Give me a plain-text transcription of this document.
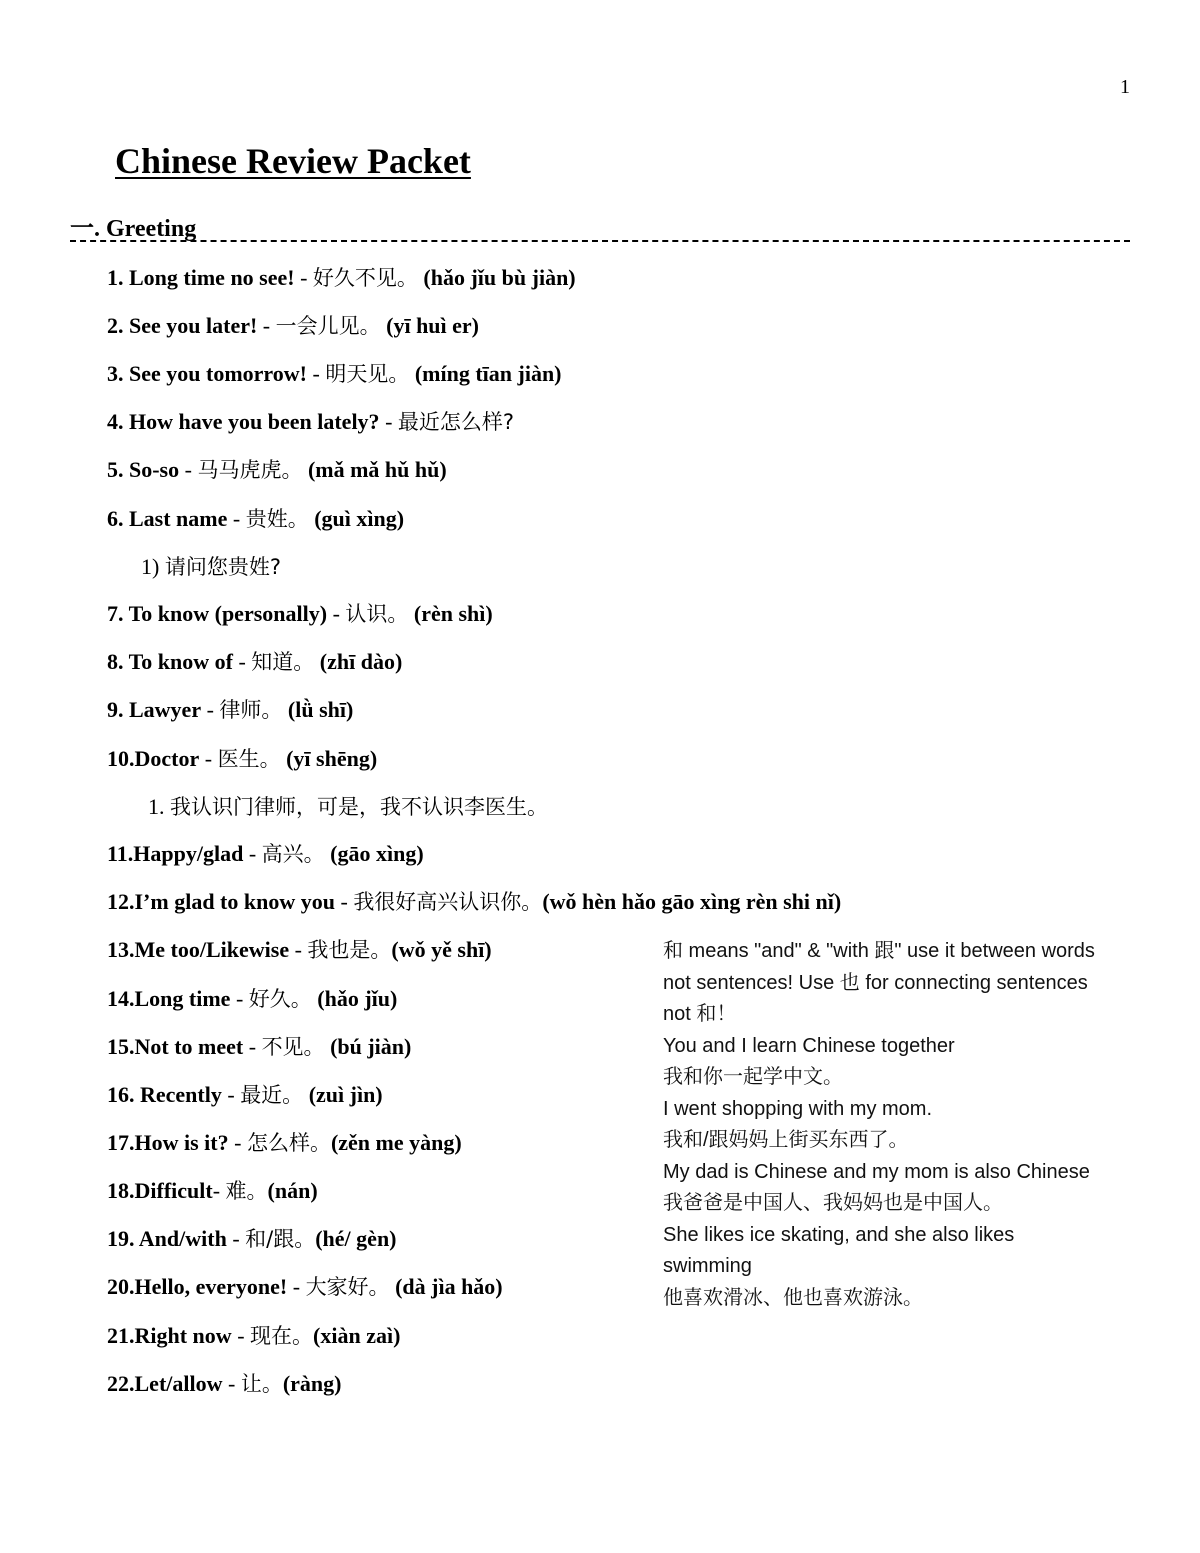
1
Chinese Review Packet
一. Greeting
1. Long time no see! - 好久不见。 (hǎo jǐu bù jiàn)
2. See you later! - 一会儿见。 (yī huì er)
3. See you tomorrow! - 明天见。 (míng tīan jiàn)
4. How have you been lately? - 最近怎么样?
5. So-so - 马马虎虎。 (mǎ mǎ hǔ hǔ)
6. Last name - 贵姓。 (guì xìng)
1) 请问您贵姓?
7. To know (personally) - 认识。 (rèn shì)
8. To know of - 知道。 (zhī dào)
9. Lawyer - 律师。 (lǜ shī)
10.Doctor - 医生。 (yī shēng)
1. 我认识门律师，可是，我不认识李医生。
11.Happy/glad - 高兴。 (gāo xìng)
12.I’m glad to know you - 我很好高兴认识你。(wǒ hèn hǎo gāo xìng rèn shi nǐ)
13.Me too/Likewise - 我也是。(wǒ yě shī)
14.Long time - 好久。 (hǎo jǐu)
15.Not to meet - 不见。 (bú jiàn)
16. Recently - 最近。 (zuì jìn)
17.How is it? - 怎么样。(zěn me yàng)
18.Difficult- 难。(nán)
19. And/with - 和/跟。(hé/ gèn)
20.Hello, everyone! - 大家好。 (dà jìa hǎo)
21.Right now - 现在。(xiàn zaì)
22.Let/allow - 让。(ràng)
和 means "and" & "with 跟" use it between words
not sentences! Use 也 for connecting sentences
not 和！
You and I learn Chinese together
我和你一起学中文。
I went shopping with my mom.
我和/跟妈妈上街买东西了。
My dad is Chinese and my mom is also Chinese
我爸爸是中国人、我妈妈也是中国人。
She likes ice skating, and she also likes
swimming
他喜欢滑冰、他也喜欢游泳。
